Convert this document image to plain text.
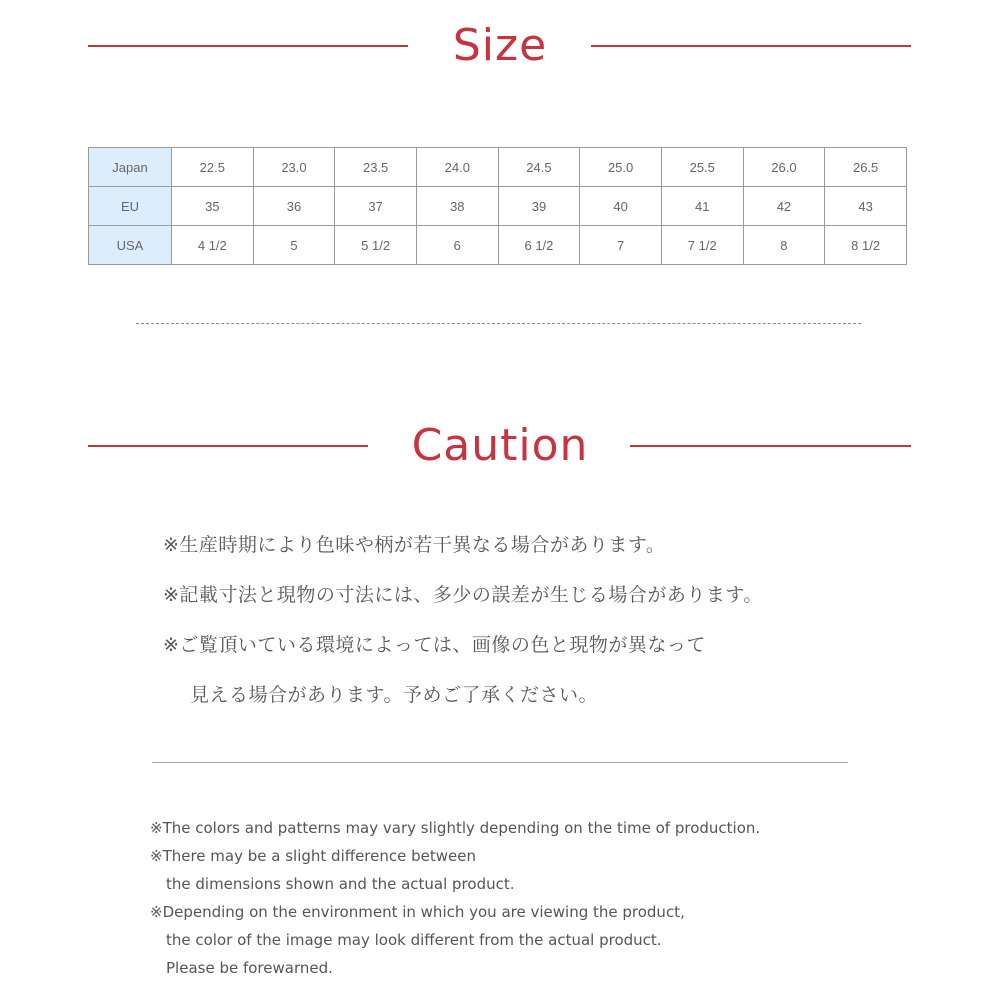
Size
Japan	22.5	23.0	23.5	24.0	24.5	25.0	25.5	26.0	26.5
EU	35	36	37	38	39	40	41	42	43
USA	4 1/2	5	5 1/2	6	6 1/2	7	7 1/2	8	8 1/2
Caution

※生産時期により色味や柄が若干異なる場合があります。

※記載寸法と現物の寸法には、多少の誤差が生じる場合があります。

※ご覧頂いている環境によっては、画像の色と現物が異なって

見える場合があります。予めご了承ください。

※The colors and patterns may vary slightly depending on the time of production.

※There may be a slight difference between

the dimensions shown and the actual product.

※Depending on the environment in which you are viewing the product,

the color of the image may look different from the actual product.

Please be forewarned.
